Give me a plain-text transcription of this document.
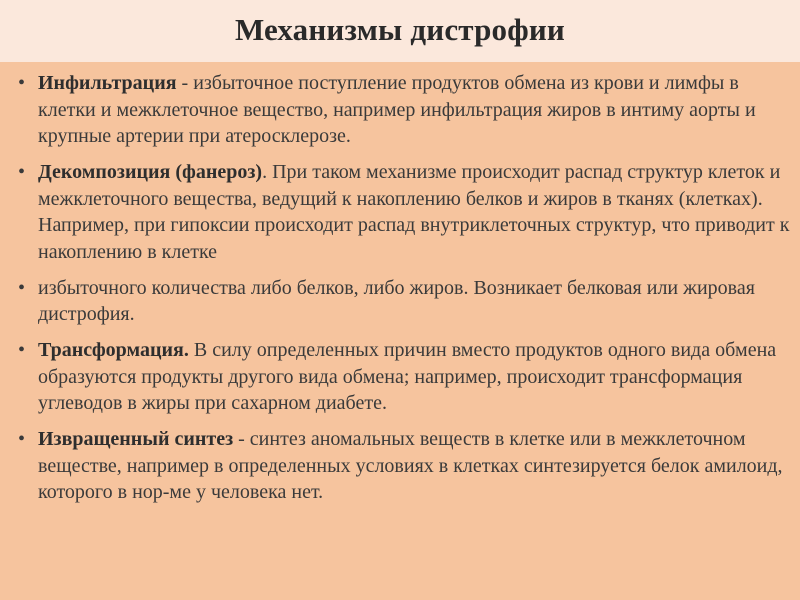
Механизмы дистрофии
• Инфильтрация - избыточное поступление продуктов обмена из крови и лимфы в клетки и межклеточное вещество, например инфильтрация жиров в интиму аорты и крупные артерии при атеросклерозе.
• Декомпозиция (фанероз). При таком механизме происходит распад структур клеток и межклеточного вещества, ведущий к накоплению белков и жиров в тканях (клетках). Например, при гипоксии происходит распад внутриклеточных структур, что приводит к накоплению в клетке
• избыточного количества либо белков, либо жиров. Возникает белковая или жировая дистрофия.
• Трансформация. В силу определенных причин вместо продуктов одного вида обмена образуются продукты другого вида обмена; например, происходит трансформация углеводов в жиры при сахарном диабете.
• Извращенный синтез - синтез аномальных веществ в клетке или в межклеточном веществе, например в определенных условиях в клетках синтезируется белок амилоид, которого в нор-ме у человека нет.
